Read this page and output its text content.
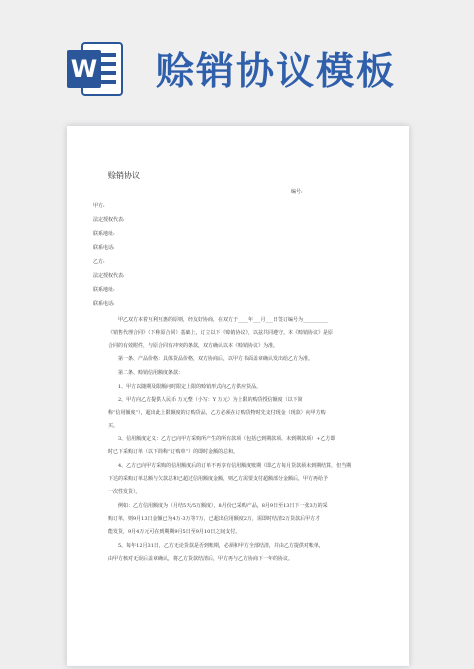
W 赊销协议模板
赊销协议
编号:
甲方:
法定授权代表:
联系地址:
联系电话:
乙方:
法定授权代表:
联系地址:
联系电话:
甲乙双方本着互利互惠的原则，经友好协商，在双方于____年___月___日签订编号为__________
《销售代理合同》（下称原合同）基础上，订立以下《赊销协议》，以兹共同遵守。本《赊销协议》是原
合同的有效附件，与原合同有冲突的条款，双方确认以本《赊销协议》为准。
第一条、产品价格：具体货品价格，双方协商后，以甲方书面盖章确认发出给乙方为准。
第二条、赊销信用额度条款：
1、甲方以随期及限额问时限定上限的赊销形式向乙方供应货品。
2、甲方向乙方提供人民币 万元整（小写：Y 万元）为上限的购货授信额度（以下简
称“信用额度”），超出此上限额度的订购货品，乙方必须在订购货物时先支付现金（现款）向甲方购
买。
3、信用额度定义：乙方已向甲方采购所产生的所有款项（包括已到期款项、未到期款项）+乙方即
时已下采购订单（以下简称“订购单”）的即时金额的总和。
4、乙方已向甲方采购的信用额度后的订单不再享有信用额度账期（即乙方每月货款须未到期结算，但当期
下达的采购订单总额与欠款总和已超过信用额度金额，则乙方需要支付超额部分金额后，甲方再给予
一次性发货）。
例如：乙方信用额度为（月结5天/5万额度），8月份已采购产品，8月9日至13日下一张3万的采
购订单，则9月13日金额已为4万-3万等7万，已超出信用额度2万，需即时结清2万货款后甲方才
能发货，9月4万元可在到期期9月5日至9月10日之间支付。
5、每年12月31日，乙方无论货款是否到账期，必须和甲方全部结清，并由乙方提供对帐单，
由甲方核对无误后盖章确认，将乙方货款结清后，甲方再与乙方协商下一年的协议。
